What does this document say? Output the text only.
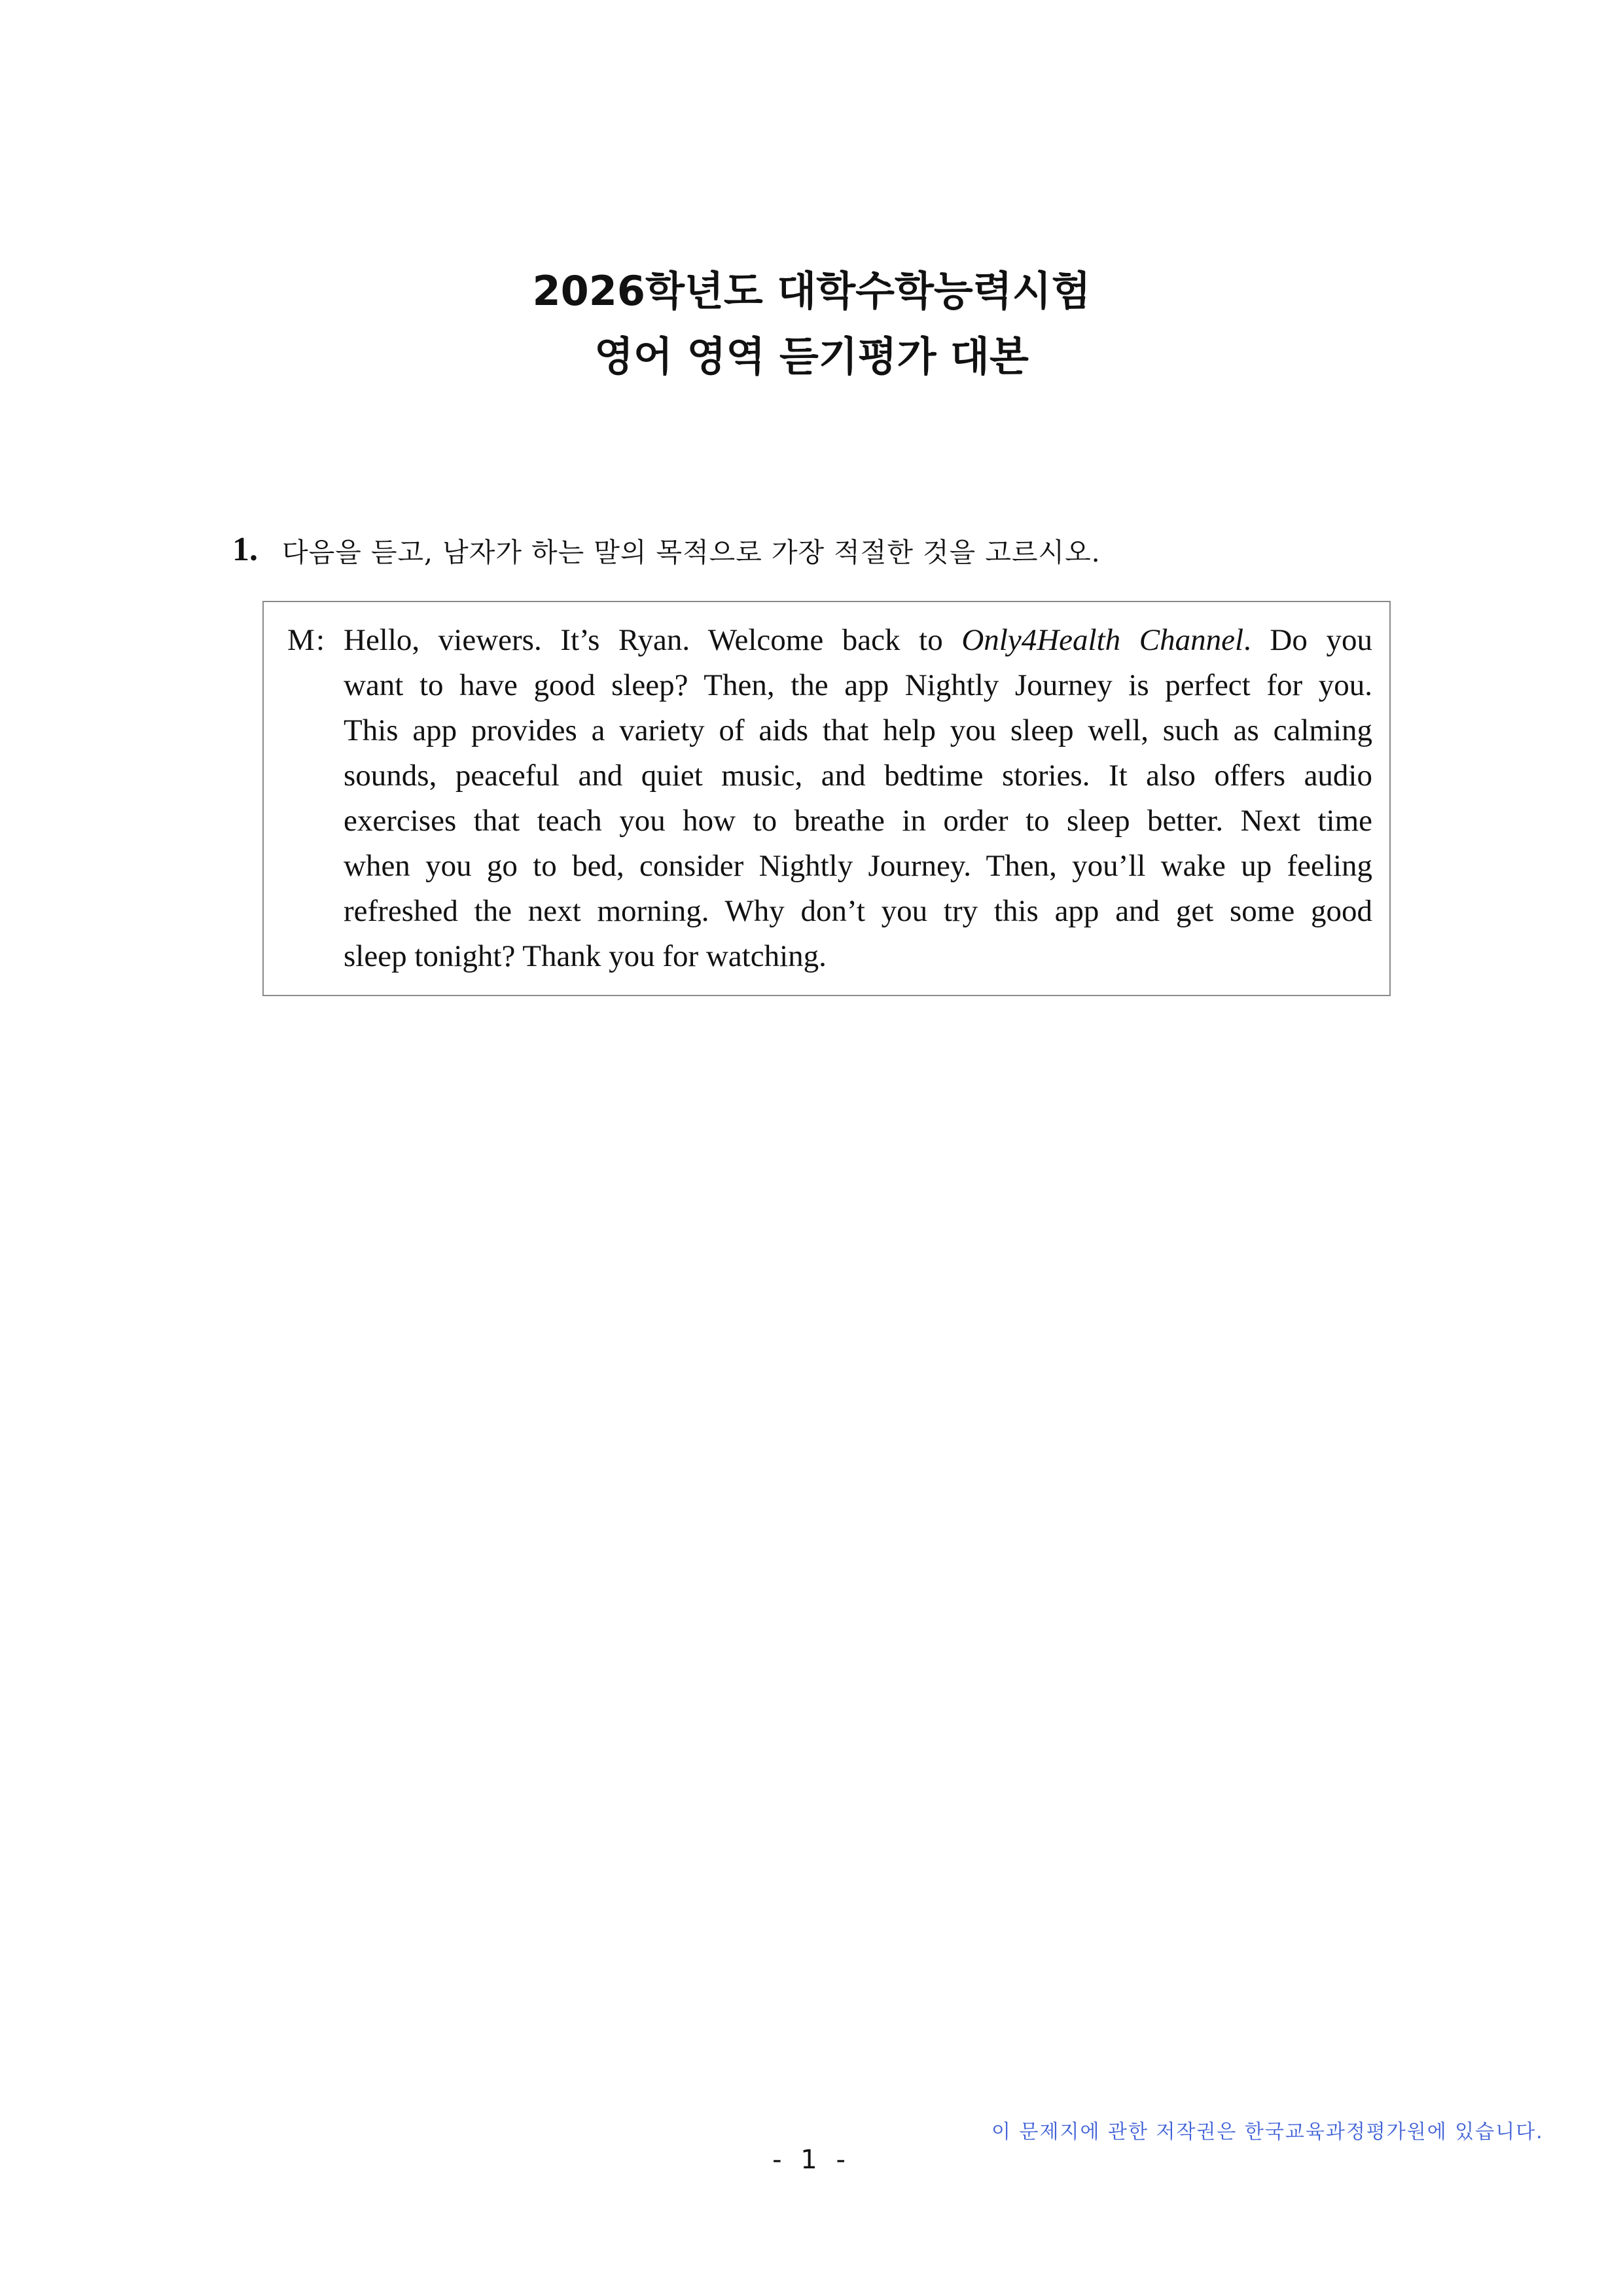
2026학년도 대학수학능력시험
영어 영역 듣기평가 대본
1. 다음을 듣고, 남자가 하는 말의 목적으로 가장 적절한 것을 고르시오.
M : Hello, viewers. It’s Ryan. Welcome back to Only4Health Channel. Do you
want to have good sleep? Then, the app Nightly Journey is perfect for you.
This app provides a variety of aids that help you sleep well, such as calming
sounds, peaceful and quiet music, and bedtime stories. It also offers audio
exercises that teach you how to breathe in order to sleep better. Next time
when you go to bed, consider Nightly Journey. Then, you’ll wake up feeling
refreshed the next morning. Why don’t you try this app and get some good
sleep tonight? Thank you for watching.
이 문제지에 관한 저작권은 한국교육과정평가원에 있습니다.
- 1 -
